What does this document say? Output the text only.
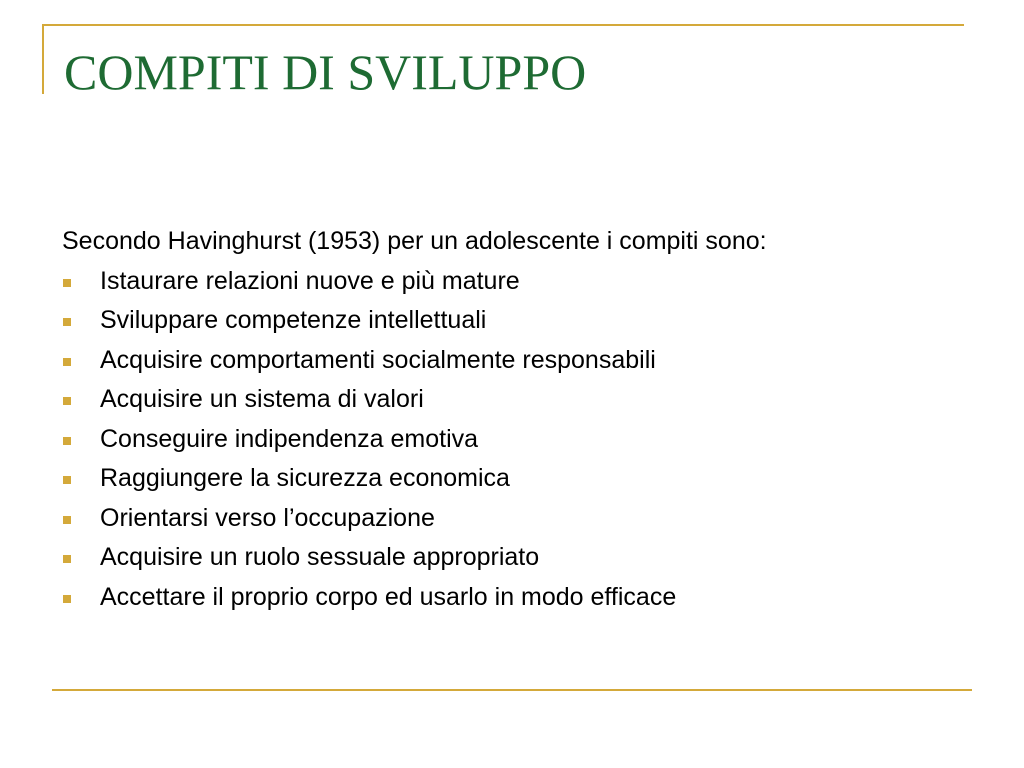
COMPITI DI SVILUPPO

Secondo Havinghurst (1953) per un adolescente i compiti sono:

Istaurare relazioni nuove e più mature
Sviluppare competenze intellettuali
Acquisire comportamenti socialmente responsabili
Acquisire un sistema di valori
Conseguire indipendenza emotiva
Raggiungere la sicurezza economica
Orientarsi verso l’occupazione
Acquisire un ruolo sessuale appropriato
Accettare il proprio corpo ed usarlo in modo efficace
